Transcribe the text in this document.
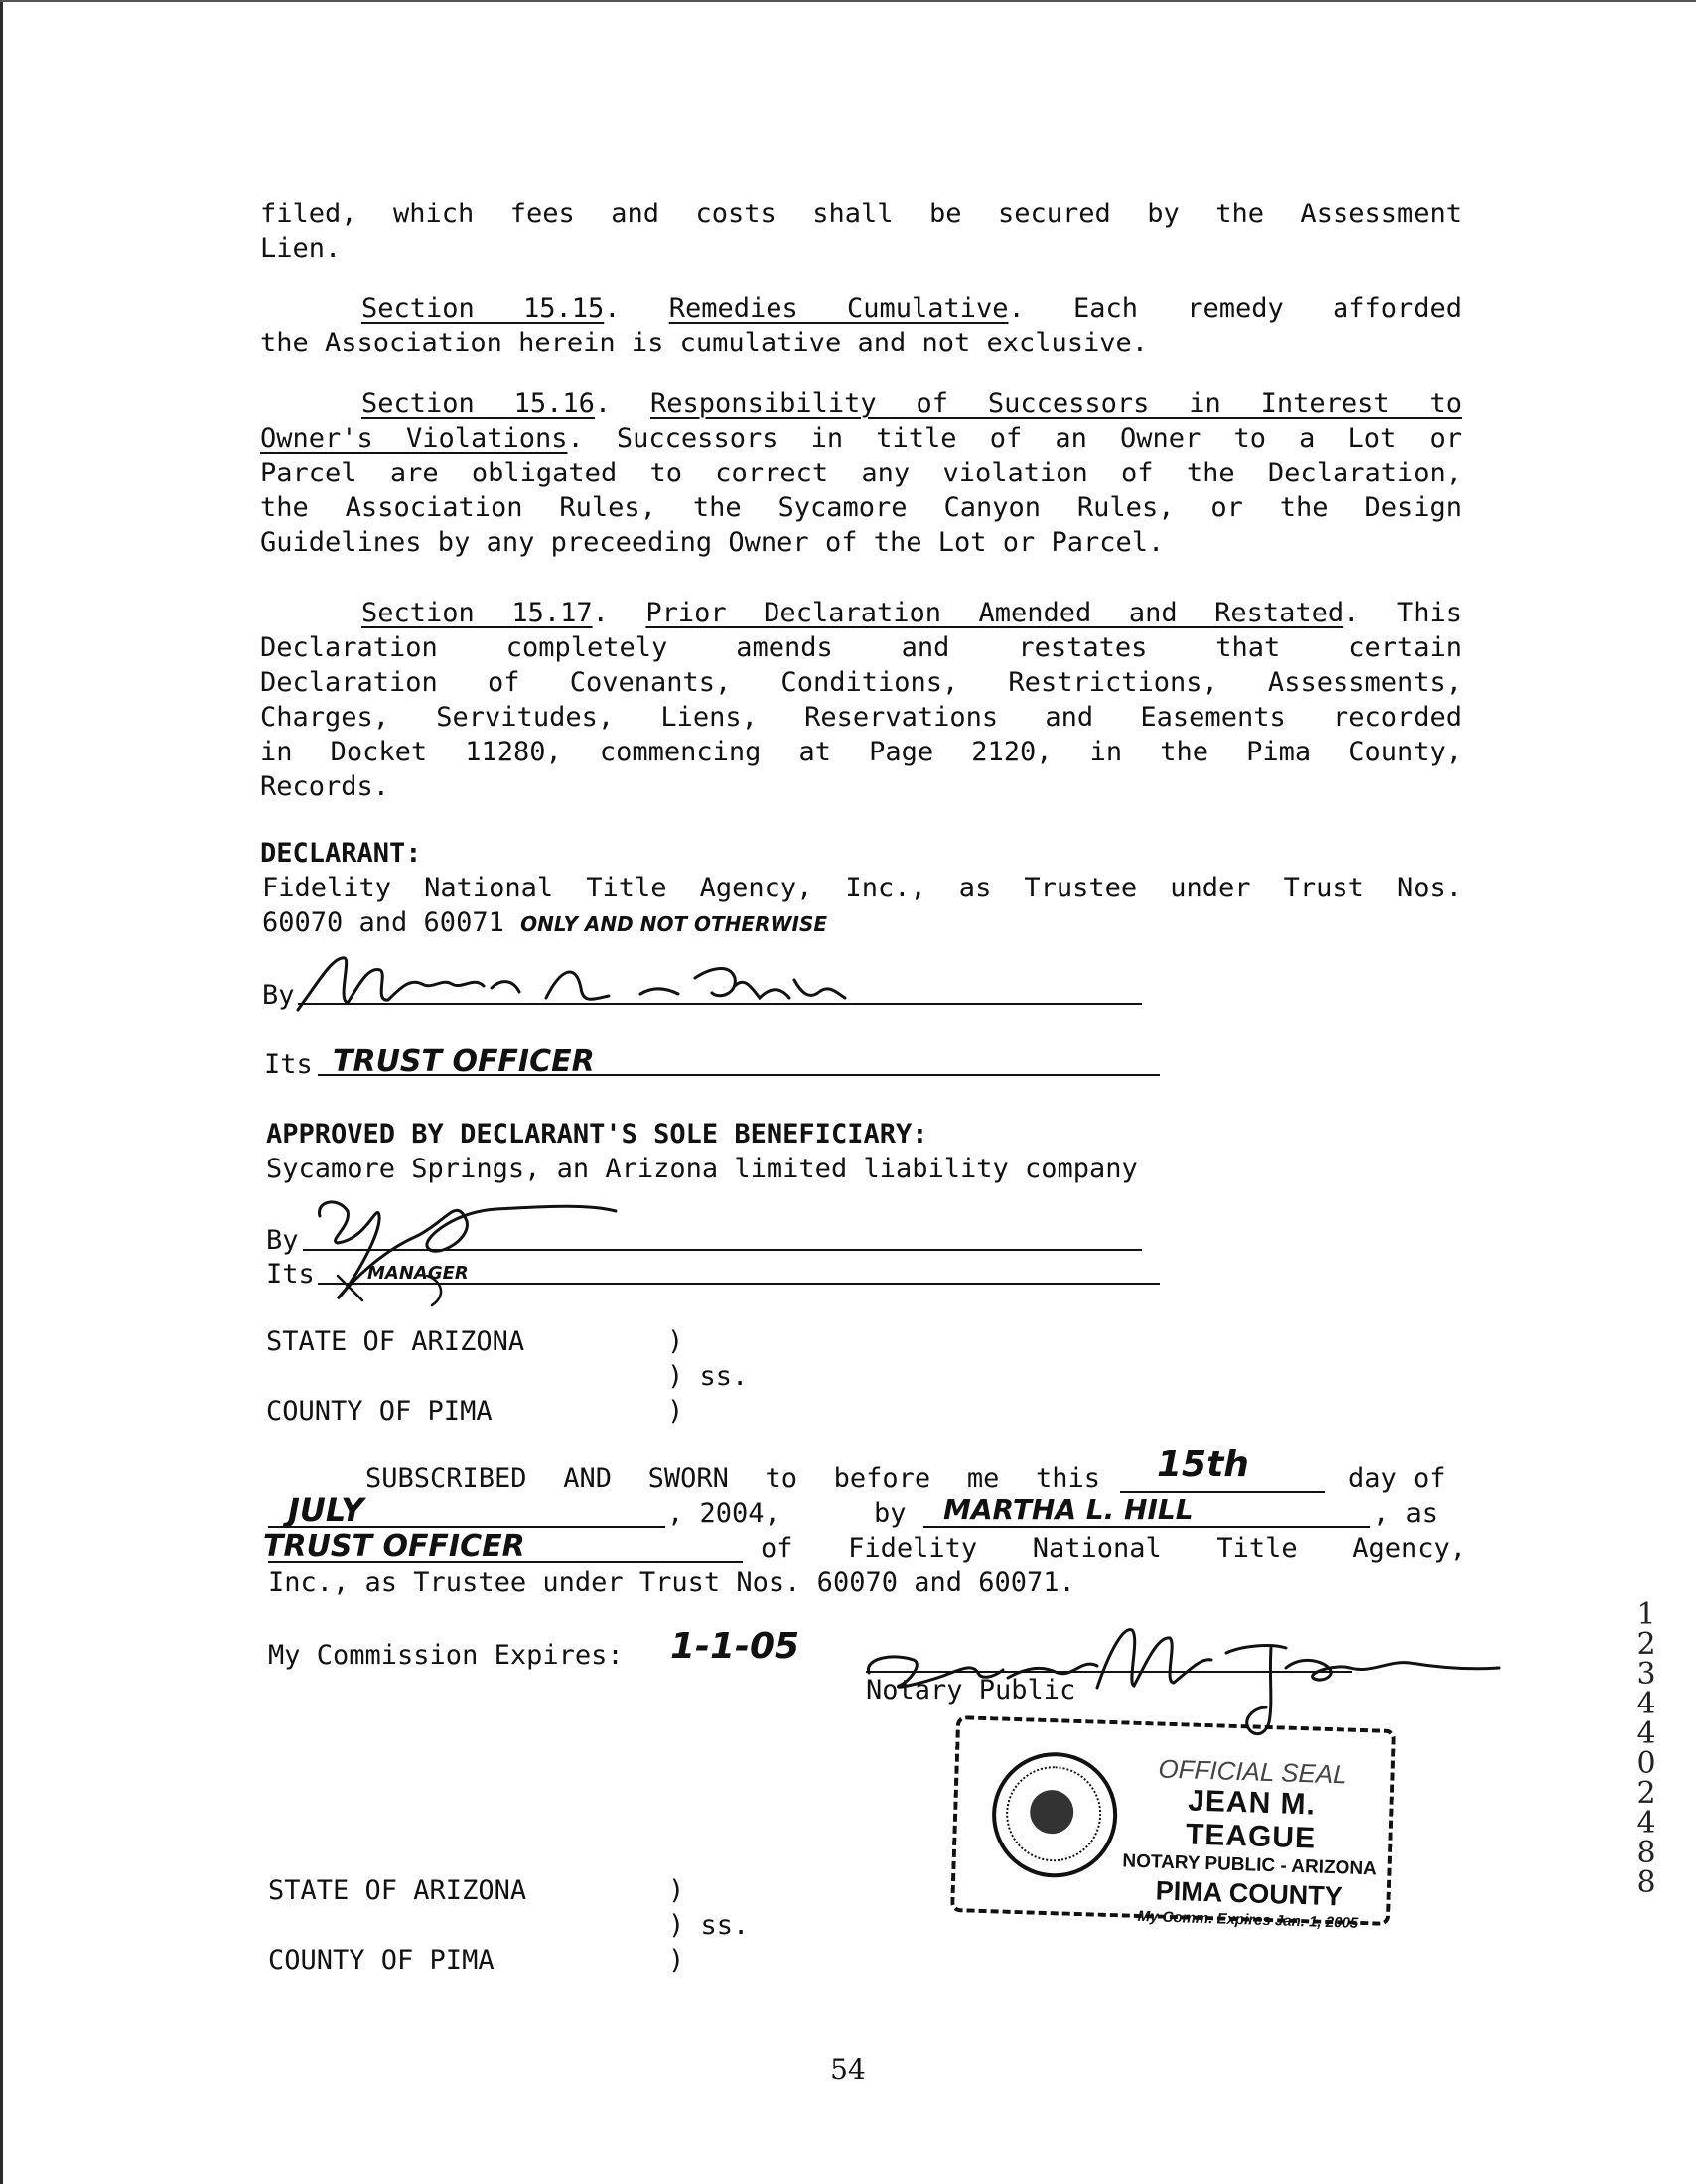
filed, which fees and costs shall be secured by the Assessment
Lien.
Section 15.15. Remedies Cumulative. Each remedy afforded
the Association herein is cumulative and not exclusive.
Section 15.16. Responsibility of Successors in Interest to
Owner's Violations. Successors in title of an Owner to a Lot or
Parcel are obligated to correct any violation of the Declaration,
the Association Rules, the Sycamore Canyon Rules, or the Design
Guidelines by any preceeding Owner of the Lot or Parcel.
Section 15.17. Prior Declaration Amended and Restated. This
Declaration completely amends and restates that certain
Declaration of Covenants, Conditions, Restrictions, Assessments,
Charges, Servitudes, Liens, Reservations and Easements recorded
in Docket 11280, commencing at Page 2120, in the Pima County,
Records.
DECLARANT:
Fidelity National Title Agency, Inc., as Trustee under Trust Nos.
60070 and 60071 ONLY AND NOT OTHERWISE
By
Its TRUST OFFICER
APPROVED BY DECLARANT'S SOLE BENEFICIARY:
Sycamore Springs, an Arizona limited liability company
By
Its	MANAGER
STATE OF ARIZONA	)
) ss.
COUNTY OF PIMA	)
SUBSCRIBED AND SWORN to before me this 15th	day of
JULY	, 2004,	by MARTHA L. HILL	, as
TRUST OFFICER	of Fidelity National Title Agency,
Inc., as Trustee under Trust Nos. 60070 and 60071.
My Commission Expires: 1-1-05
Notary Public
OFFICIAL SEAL
JEAN M. TEAGUE
NOTARY PUBLIC - ARIZONA
PIMA COUNTY
My Comm. Expires Jan. 1, 2005
STATE OF ARIZONA	)
) ss.
COUNTY OF PIMA	)
12344 02488
54
